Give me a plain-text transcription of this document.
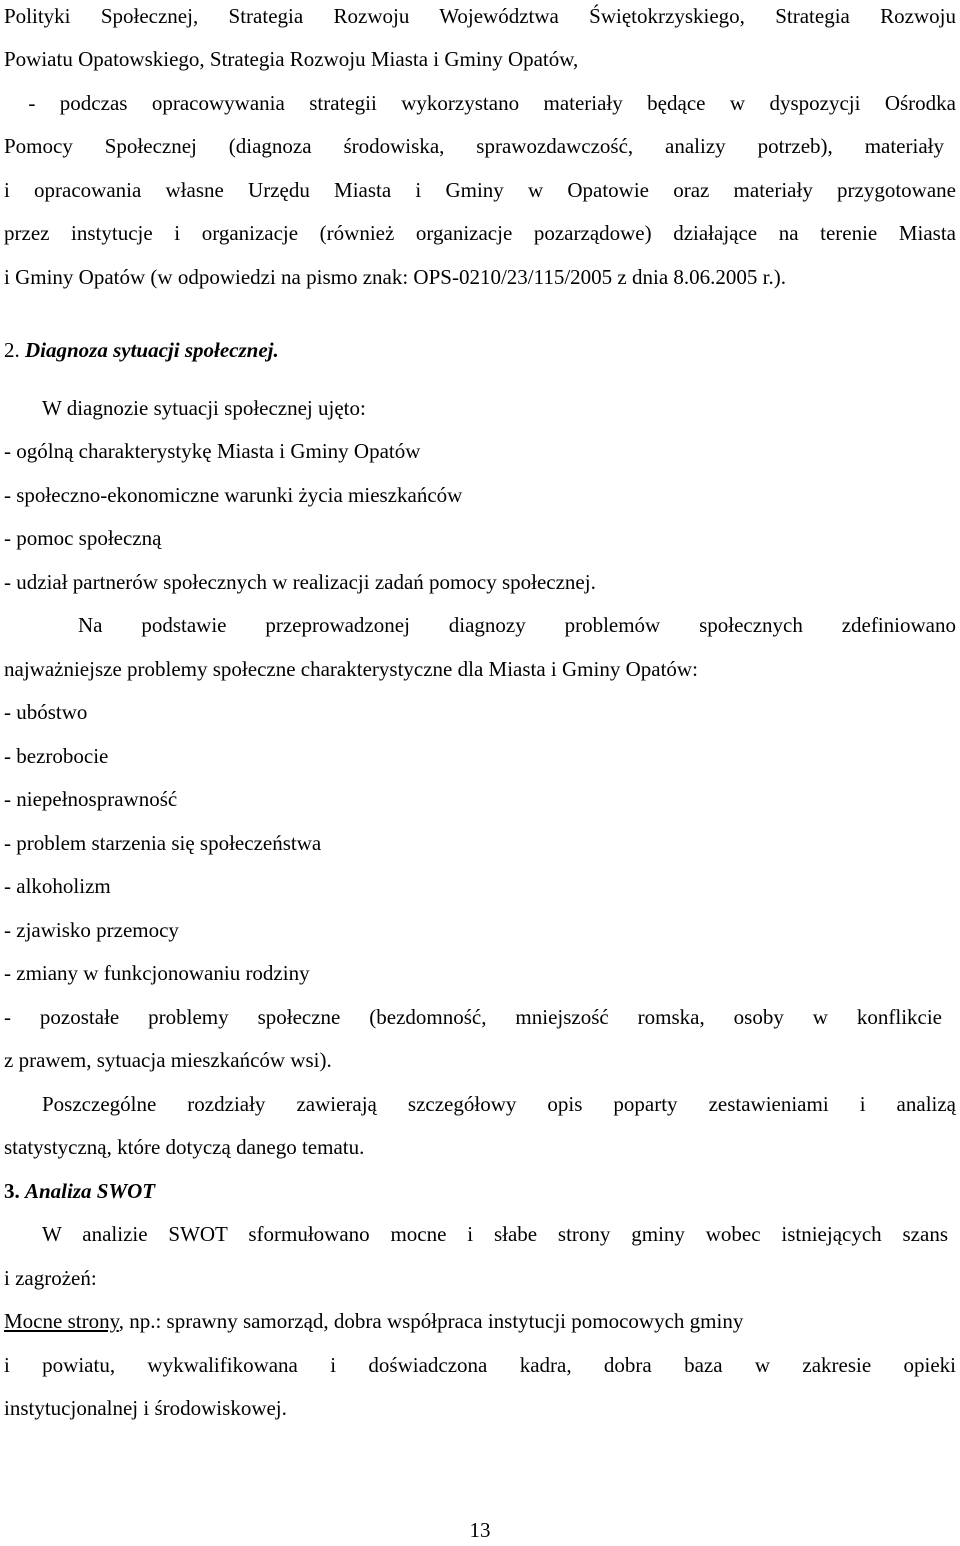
Polityki Społecznej, Strategia Rozwoju Województwa Świętokrzyskiego, Strategia Rozwoju
Powiatu Opatowskiego, Strategia Rozwoju Miasta i Gminy Opatów,
- podczas opracowywania strategii wykorzystano materiały będące w dyspozycji Ośrodka
Pomocy Społecznej (diagnoza środowiska, sprawozdawczość, analizy potrzeb), materiały
i opracowania własne Urzędu Miasta i Gminy w Opatowie oraz materiały przygotowane
przez instytucje i organizacje (również organizacje pozarządowe) działające na terenie Miasta
i Gminy Opatów (w odpowiedzi na pismo znak: OPS-0210/23/115/2005 z dnia 8.06.2005 r.).
2. Diagnoza sytuacji społecznej.
W diagnozie sytuacji społecznej ujęto:
- ogólną charakterystykę Miasta i Gminy Opatów
- społeczno-ekonomiczne warunki życia mieszkańców
- pomoc społeczną
- udział partnerów społecznych w realizacji zadań pomocy społecznej.
Na podstawie przeprowadzonej diagnozy problemów społecznych zdefiniowano
najważniejsze problemy społeczne charakterystyczne dla Miasta i Gminy Opatów:
- ubóstwo
- bezrobocie
- niepełnosprawność
- problem starzenia się społeczeństwa
- alkoholizm
- zjawisko przemocy
- zmiany w funkcjonowaniu rodziny
- pozostałe problemy społeczne (bezdomność, mniejszość romska, osoby w konflikcie
z prawem, sytuacja mieszkańców wsi).
Poszczególne rozdziały zawierają szczegółowy opis poparty zestawieniami i analizą
statystyczną, które dotyczą danego tematu.
3. Analiza SWOT
W analizie SWOT sformułowano mocne i słabe strony gminy wobec istniejących szans
i zagrożeń:
Mocne strony, np.: sprawny samorząd, dobra współpraca instytucji pomocowych gminy
i powiatu, wykwalifikowana i doświadczona kadra, dobra baza w zakresie opieki
instytucjonalnej i środowiskowej.
13
